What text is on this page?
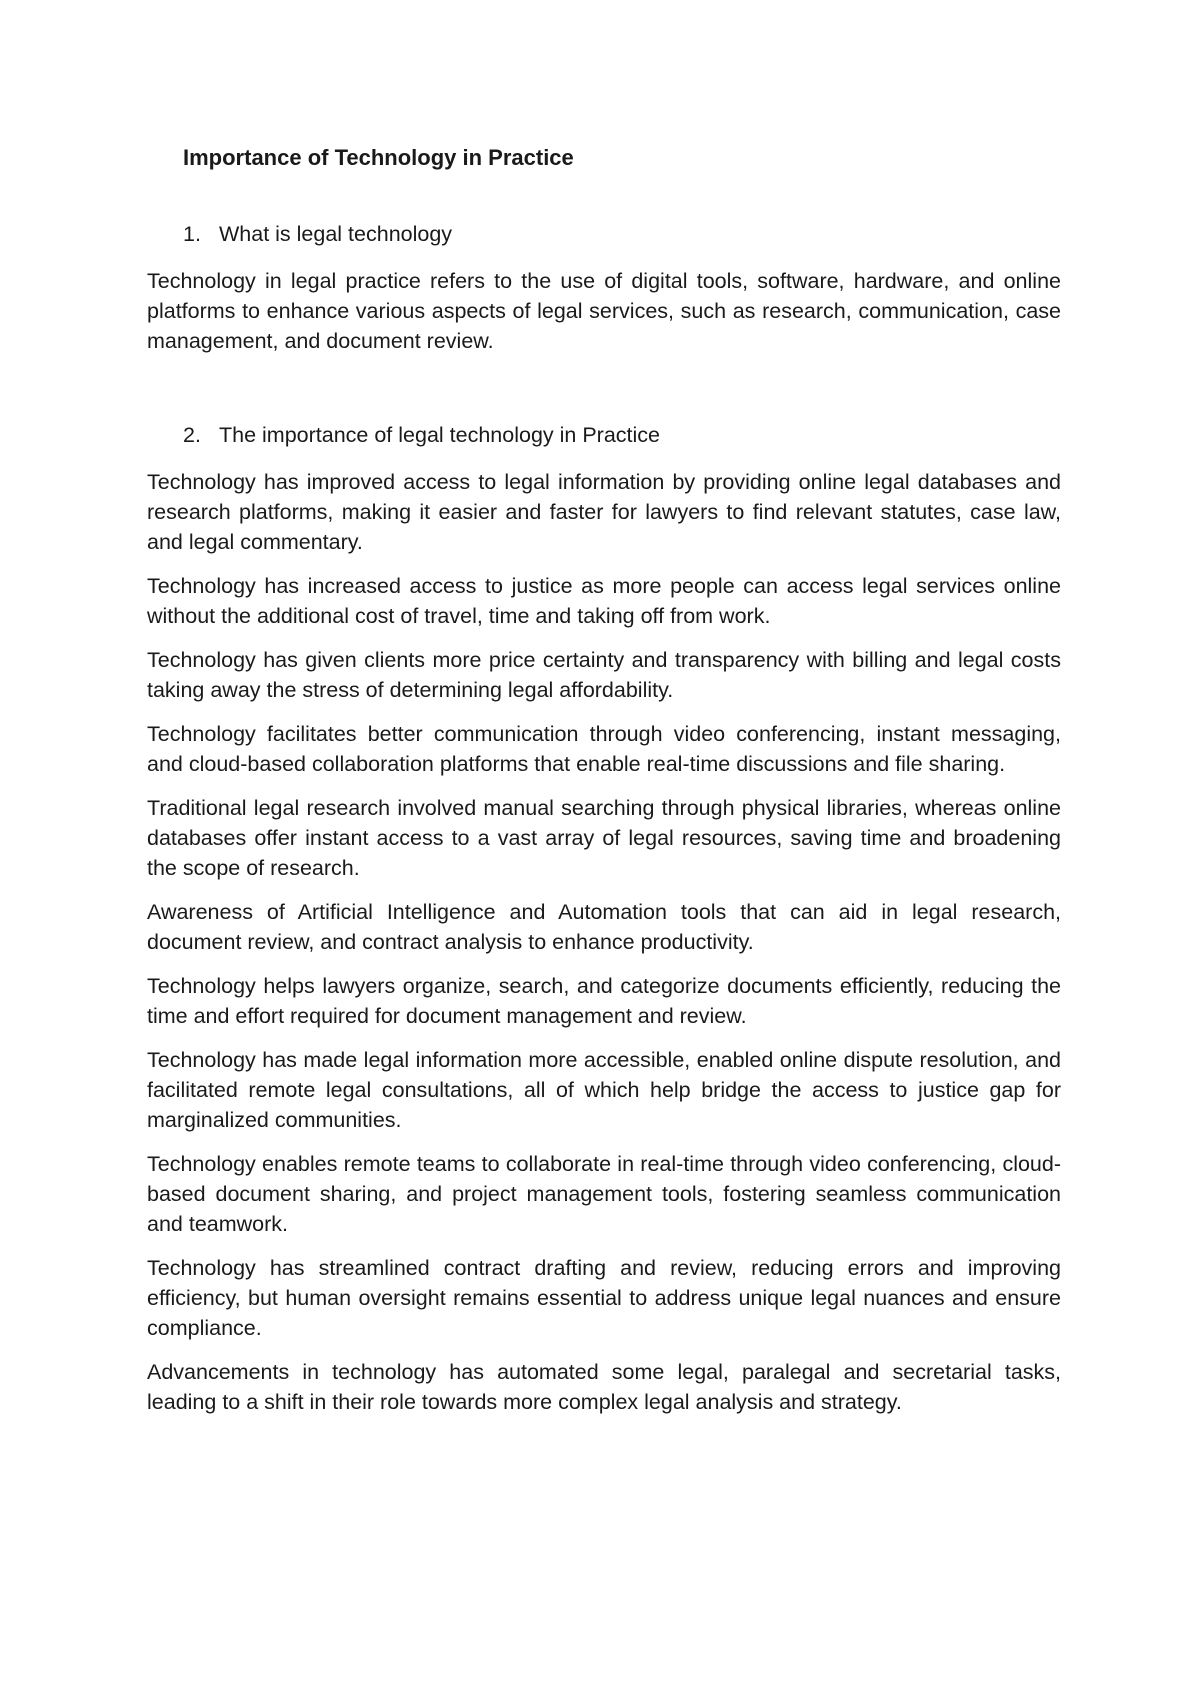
Importance of Technology in Practice
1. What is legal technology

Technology in legal practice refers to the use of digital tools, software, hardware, and online platforms to enhance various aspects of legal services, such as research, communication, case management, and document review.

2. The importance of legal technology in Practice

Technology has improved access to legal information by providing online legal databases and research platforms, making it easier and faster for lawyers to find relevant statutes, case law, and legal commentary.

Technology has increased access to justice as more people can access legal services online without the additional cost of travel, time and taking off from work.

Technology has given clients more price certainty and transparency with billing and legal costs taking away the stress of determining legal affordability.

Technology facilitates better communication through video conferencing, instant messaging, and cloud-based collaboration platforms that enable real-time discussions and file sharing.

Traditional legal research involved manual searching through physical libraries, whereas online databases offer instant access to a vast array of legal resources, saving time and broadening the scope of research.

Awareness of Artificial Intelligence and Automation tools that can aid in legal research, document review, and contract analysis to enhance productivity.

Technology helps lawyers organize, search, and categorize documents efficiently, reducing the time and effort required for document management and review.

Technology has made legal information more accessible, enabled online dispute resolution, and facilitated remote legal consultations, all of which help bridge the access to justice gap for marginalized communities.

Technology enables remote teams to collaborate in real-time through video conferencing, cloud-based document sharing, and project management tools, fostering seamless communication and teamwork.

Technology has streamlined contract drafting and review, reducing errors and improving efficiency, but human oversight remains essential to address unique legal nuances and ensure compliance.

Advancements in technology has automated some legal, paralegal and secretarial tasks, leading to a shift in their role towards more complex legal analysis and strategy.
